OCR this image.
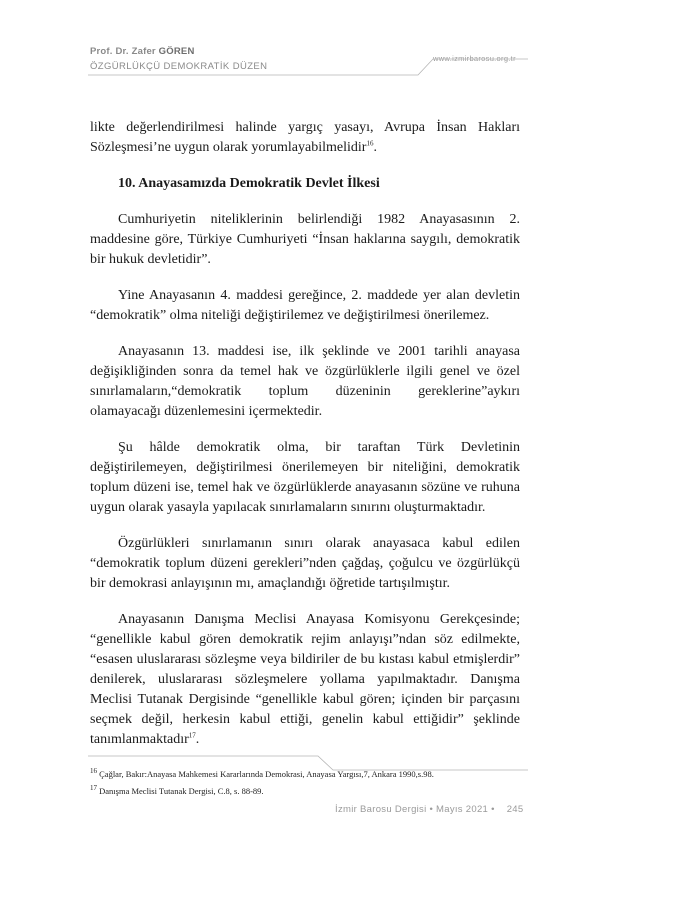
Prof. Dr. Zafer GÖREN
ÖZGÜRLÜKÇÜ DEMOKRATİK DÜZEN
www.izmirbarosu.org.tr

likte değerlendirilmesi halinde yargıç yasayı, Avrupa İnsan Hakları Sözleşmesi’ne uygun olarak yorumlayabilmelidir$^{16}$.

10. Anayasamızda Demokratik Devlet İlkesi

Cumhuriyetin niteliklerinin belirlendiği 1982 Anayasasının 2. maddesine göre, Türkiye Cumhuriyeti “İnsan haklarına saygılı, demokratik bir hukuk devletidir”.

Yine Anayasanın 4. maddesi gereğince, 2. maddede yer alan devletin “demokratik” olma niteliği değiştirilemez ve değiştirilmesi önerilemez.

Anayasanın 13. maddesi ise, ilk şeklinde ve 2001 tarihli anayasa değişikliğinden sonra da temel hak ve özgürlüklerle ilgili genel ve özel sınırlamaların,“demokratik toplum düzeninin gereklerine”aykırı olamayacağı düzenlemesini içermektedir.

Şu hâlde demokratik olma, bir taraftan Türk Devletinin değiştirilemeyen, değiştirilmesi önerilemeyen bir niteliğini, demokratik toplum düzeni ise, temel hak ve özgürlüklerde anayasanın sözüne ve ruhuna uygun olarak yasayla yapılacak sınırlamaların sınırını oluşturmaktadır.

Özgürlükleri sınırlamanın sınırı olarak anayasaca kabul edilen “demokratik toplum düzeni gerekleri”nden çağdaş, çoğulcu ve özgürlükçü bir demokrasi anlayışının mı, amaçlandığı öğretide tartışılmıştır.

Anayasanın Danışma Meclisi Anayasa Komisyonu Gerekçesinde; “genellikle kabul gören demokratik rejim anlayışı”ndan söz edilmekte, “esasen uluslararası sözleşme veya bildiriler de bu kıstası kabul etmişlerdir” denilerek, uluslararası sözleşmelere yollama yapılmaktadır. Danışma Meclisi Tutanak Dergisinde “genellikle kabul gören; içinden bir parçasını seçmek değil, herkesin kabul ettiği, genelin kabul ettiğidir” şeklinde tanımlanmaktadır$^{17}$.

$^{16}$ Çağlar, Bakır:Anayasa Mahkemesi Kararlarında Demokrasi, Anayasa Yargısı,7, Ankara 1990,s.98.
$^{17}$ Danışma Meclisi Tutanak Dergisi, C.8, s. 88-89.
İzmir Barosu Dergisi • Mayıs 2021 • 245
